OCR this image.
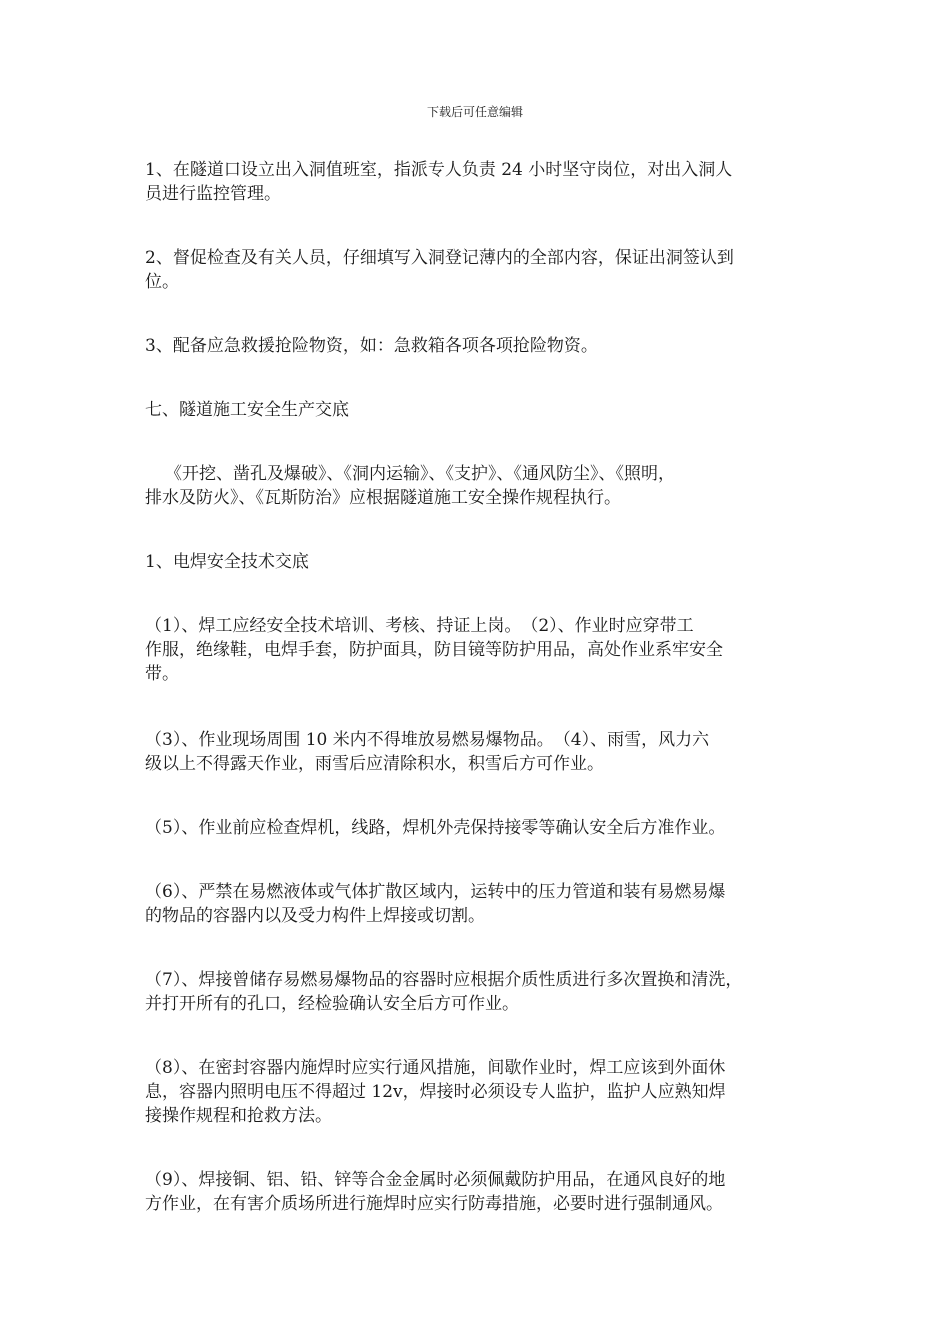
下载后可任意编辑

1、在隧道口设立出入洞值班室，指派专人负责 24 小时坚守岗位，对出入洞人
员进行监控管理。

2、督促检查及有关人员，仔细填写入洞登记薄内的全部内容，保证出洞签认到
位。

3、配备应急救援抢险物资，如：急救箱各项各项抢险物资。

七、隧道施工安全生产交底

《开挖、凿孔及爆破》、《洞内运输》、《支护》、《通风防尘》、《照明，
排水及防火》、《瓦斯防治》应根据隧道施工安全操作规程执行。

1、电焊安全技术交底

（1）、焊工应经安全技术培训、考核、持证上岗。　（2）、作业时应穿带工
作服，绝缘鞋，电焊手套，防护面具，防目镜等防护用品，高处作业系牢安全
带。

（3）、作业现场周围 10 米内不得堆放易燃易爆物品。　（4）、雨雪，风力六
级以上不得露天作业，雨雪后应清除积水，积雪后方可作业。

（5）、作业前应检查焊机，线路，焊机外壳保持接零等确认安全后方准作业。

（6）、严禁在易燃液体或气体扩散区域内，运转中的压力管道和装有易燃易爆
的物品的容器内以及受力构件上焊接或切割。

（7）、焊接曾储存易燃易爆物品的容器时应根据介质性质进行多次置换和清洗，
并打开所有的孔口，经检验确认安全后方可作业。

（8）、在密封容器内施焊时应实行通风措施，间歇作业时，焊工应该到外面休
息，容器内照明电压不得超过 12v，焊接时必须设专人监护，监护人应熟知焊
接操作规程和抢救方法。

（9）、焊接铜、铝、铅、锌等合金金属时必须佩戴防护用品，在通风良好的地
方作业，在有害介质场所进行施焊时应实行防毒措施，必要时进行强制通风。
